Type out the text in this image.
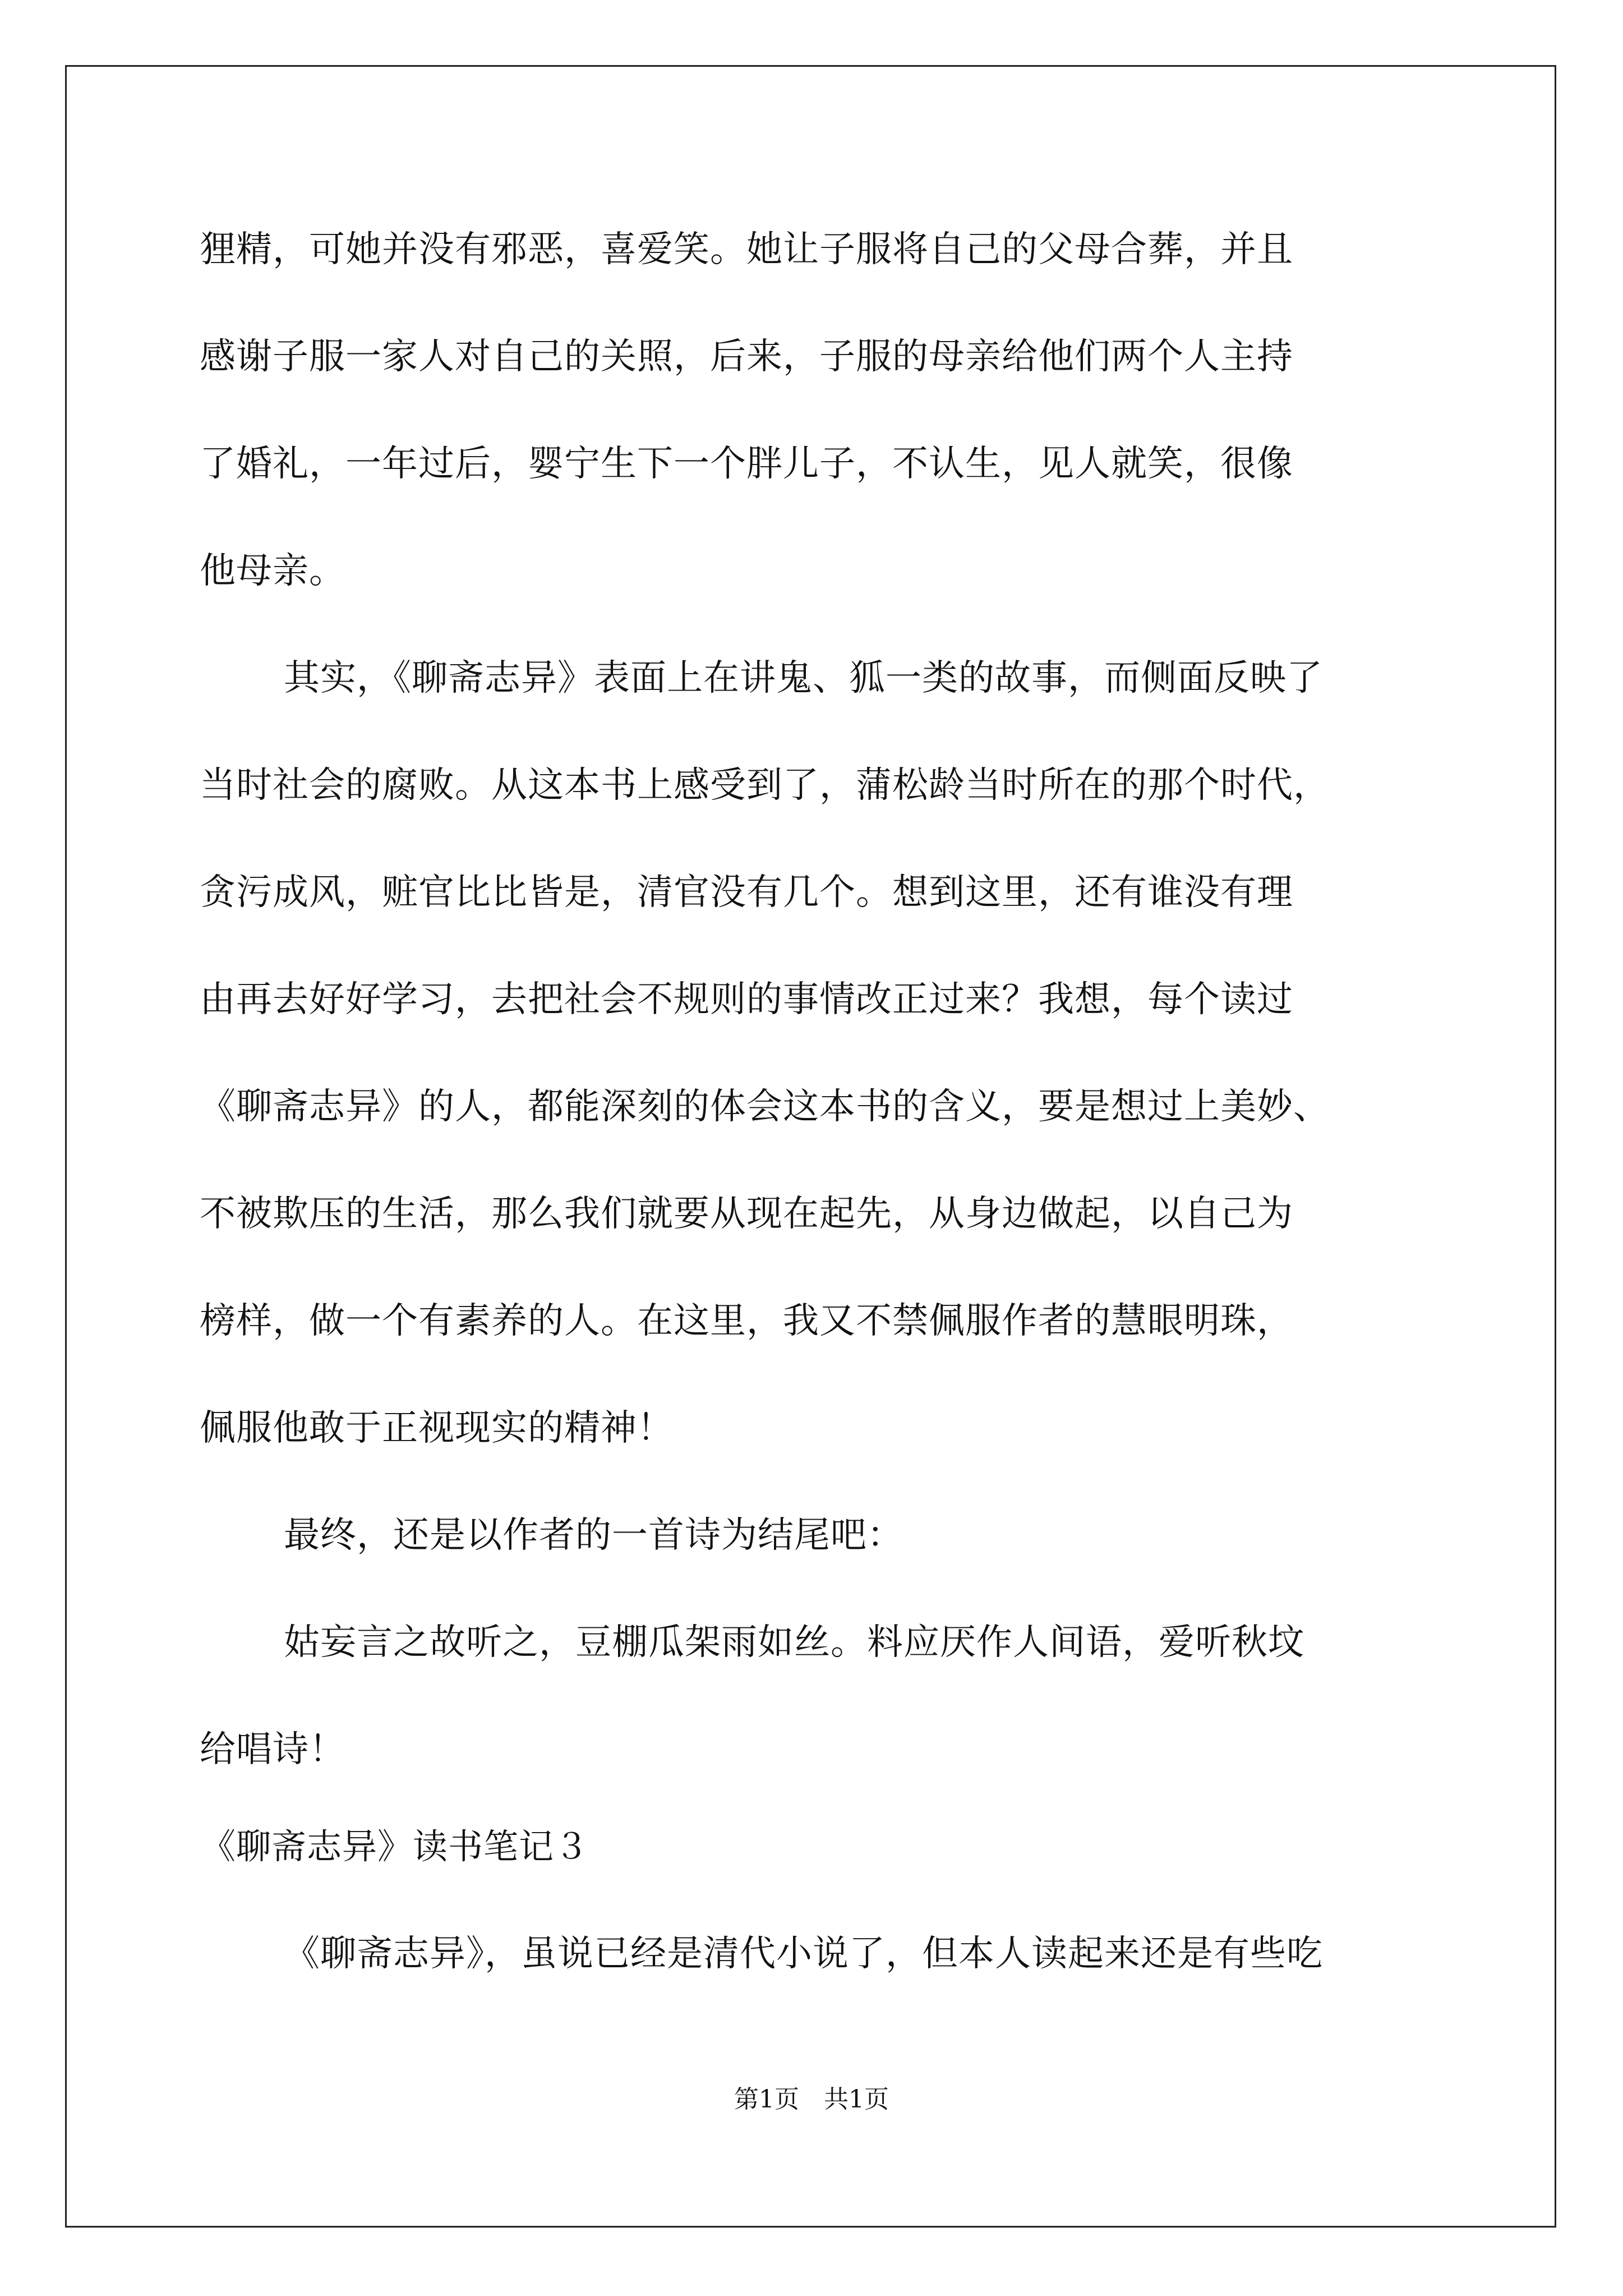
狸精，可她并没有邪恶，喜爱笑。她让子服将自己的父母合葬，并且
感谢子服一家人对自己的关照，后来，子服的母亲给他们两个人主持
了婚礼，一年过后，婴宁生下一个胖儿子，不认生，见人就笑，很像
他母亲。
其实，《聊斋志异》表面上在讲鬼、狐一类的故事，而侧面反映了
当时社会的腐败。从这本书上感受到了，蒲松龄当时所在的那个时代，
贪污成风，赃官比比皆是，清官没有几个。想到这里，还有谁没有理
由再去好好学习，去把社会不规则的事情改正过来？我想，每个读过
《聊斋志异》的人，都能深刻的体会这本书的含义，要是想过上美妙、
不被欺压的生活，那么我们就要从现在起先，从身边做起，以自己为
榜样，做一个有素养的人。在这里，我又不禁佩服作者的慧眼明珠，
佩服他敢于正视现实的精神！
最终，还是以作者的一首诗为结尾吧：
姑妄言之故听之，豆棚瓜架雨如丝。料应厌作人间语，爱听秋坟
给唱诗！
《聊斋志异》读书笔记３
《聊斋志异》，虽说已经是清代小说了，但本人读起来还是有些吃
第1页　共1页
